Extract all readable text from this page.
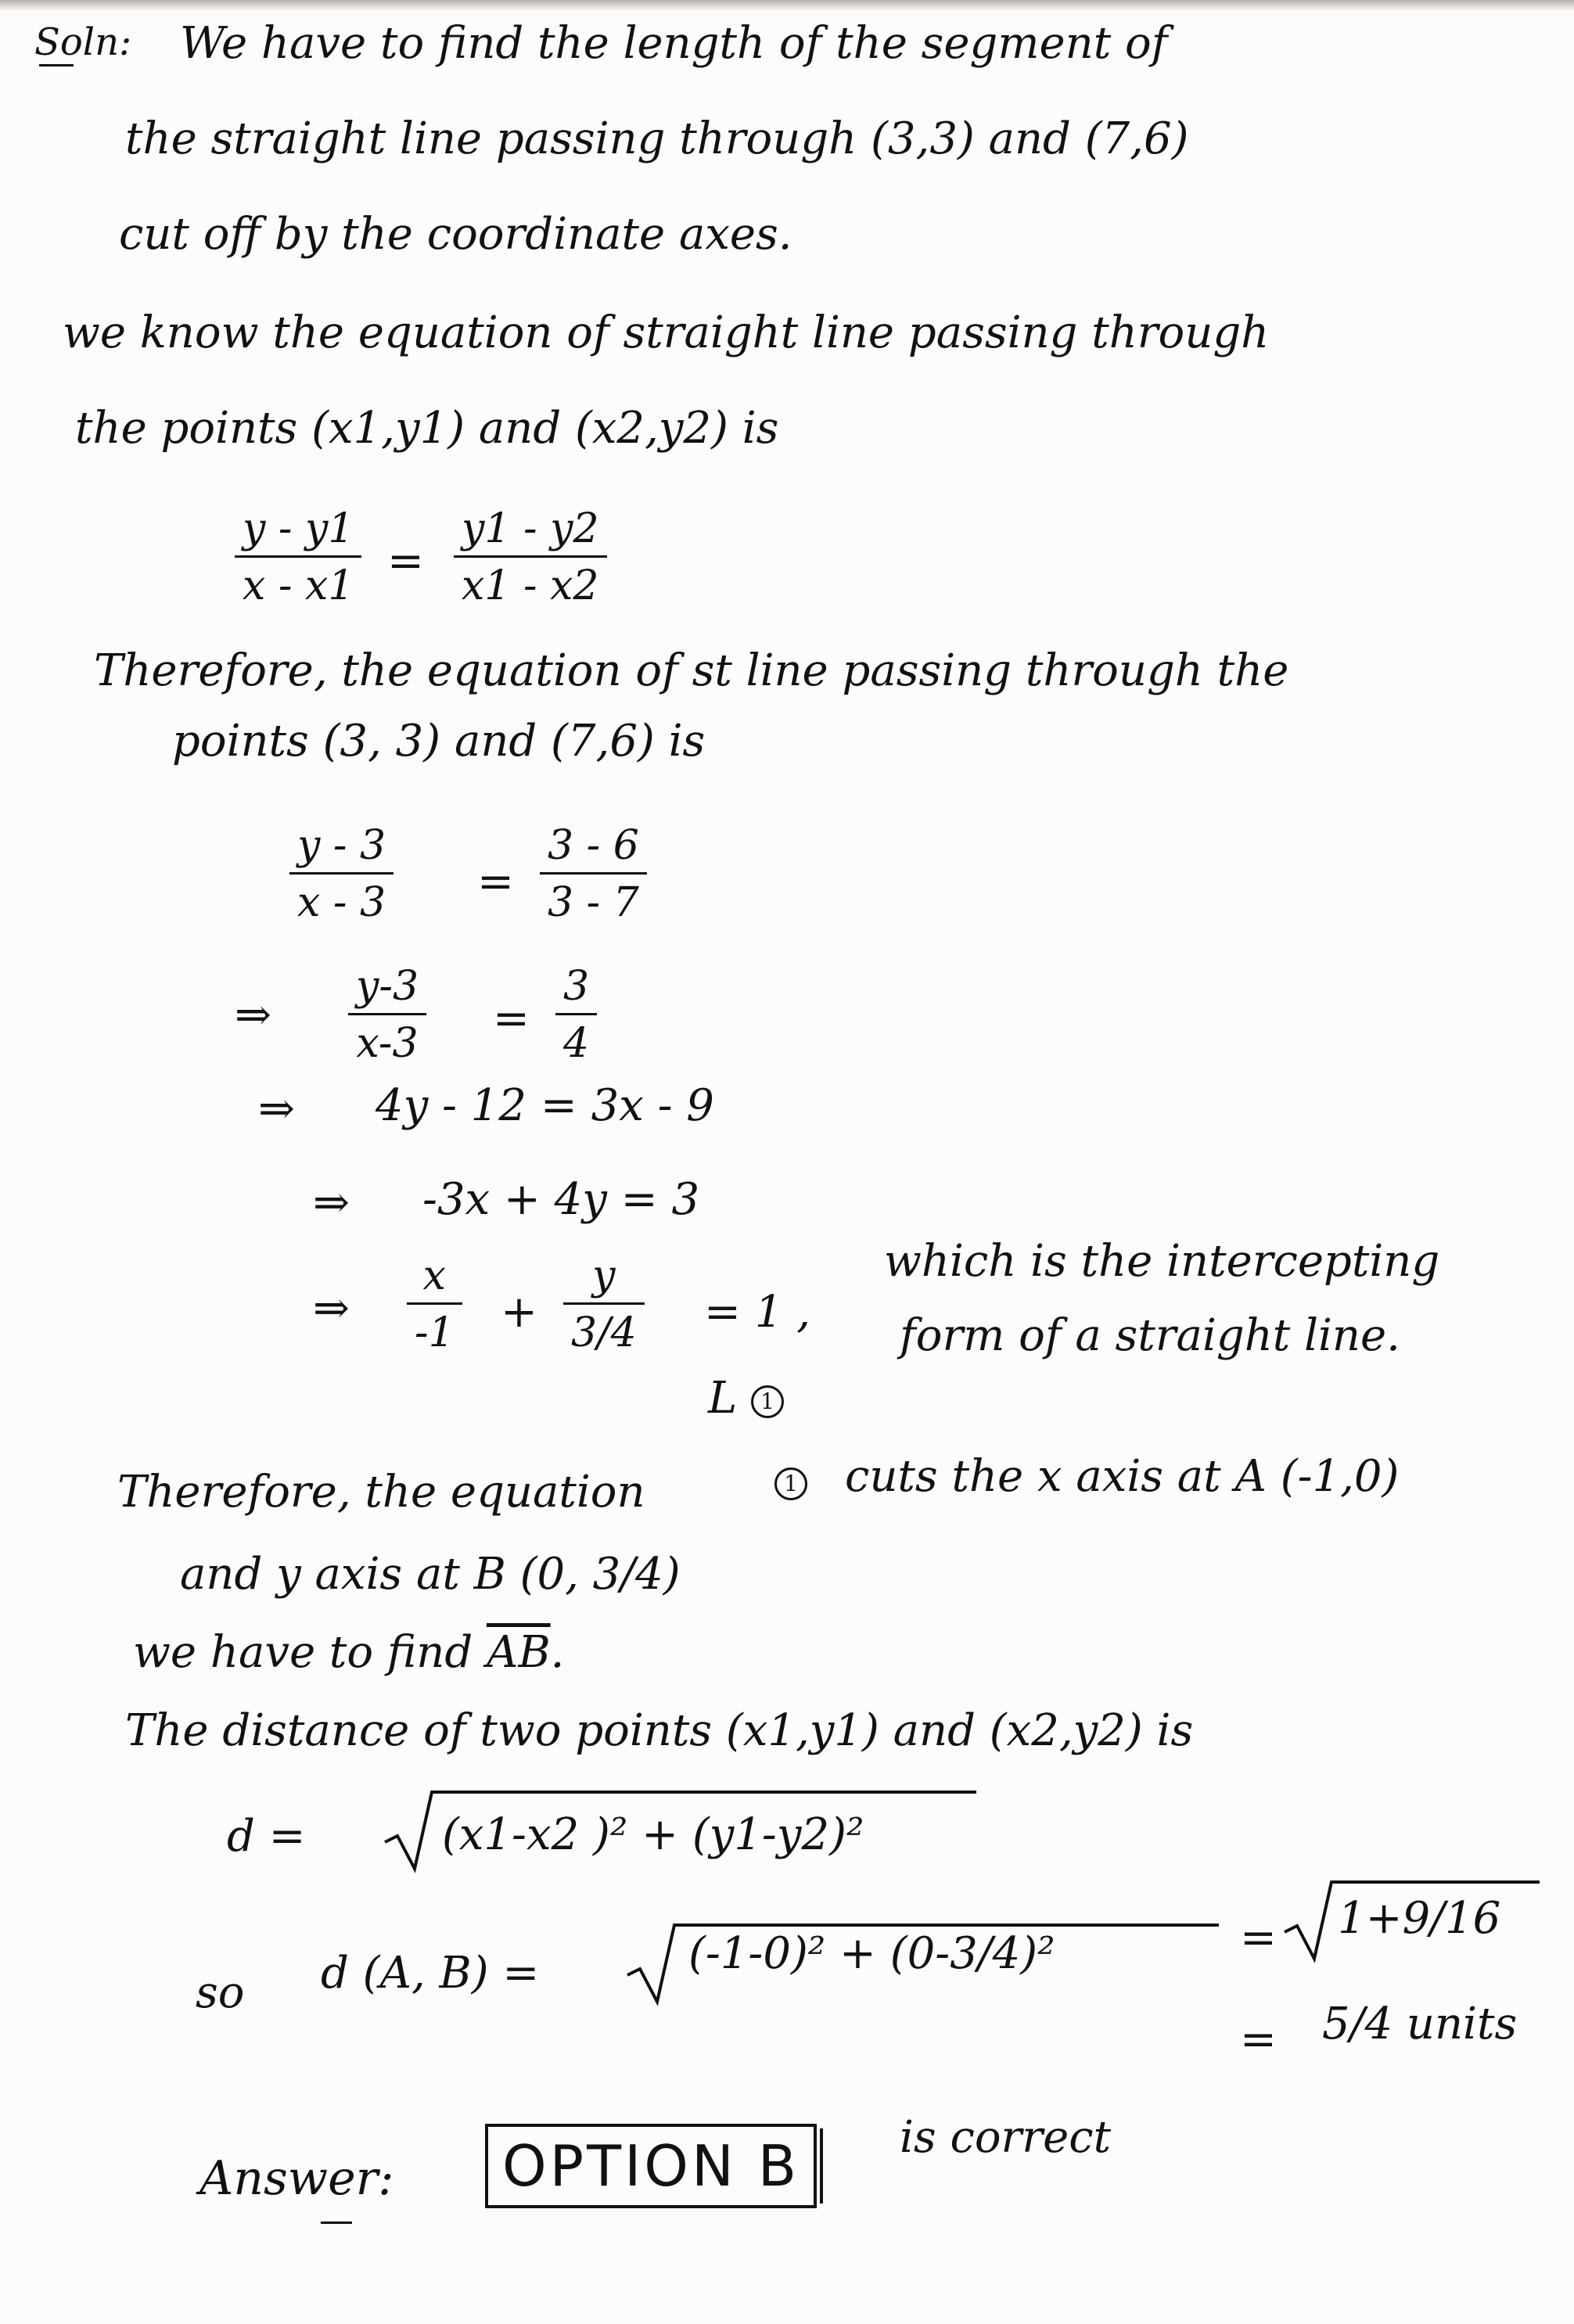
Soln: We have to find the length of the segment of
the straight line passing through (3,3) and (7,6)
cut off by the coordinate axes.
we know the equation of straight line passing through
the points (x1,y1) and (x2,y2) is
y - y1
x - x1 =
y1 - y2
x1 - x2
Therefore, the equation of st line passing through the
points (3, 3) and (7,6) is
y - 3
x - 3 =
3 - 6
3 - 7
⇒
y-3
x-3 =
3
4
⇒ 4y - 12 = 3x - 9
⇒ -3x + 4y = 3
⇒
x
-1 +
y
3/4 = 1 ,
which is the intercepting
form of a straight line.
L 1
Therefore, the equation	1 cuts the x axis at A (-1,0)
and y axis at B (0, 3/4)
we have to find $\overline{AB}$.
The distance of two points (x1,y1) and (x2,y2) is
d =	(x1-x2 )² + (y1-y2)²
so d (A, B) =	(-1-0)² + (0-3/4)²	= 1+9/16
= 5/4 units
Answer:	OPTION B	is correct
